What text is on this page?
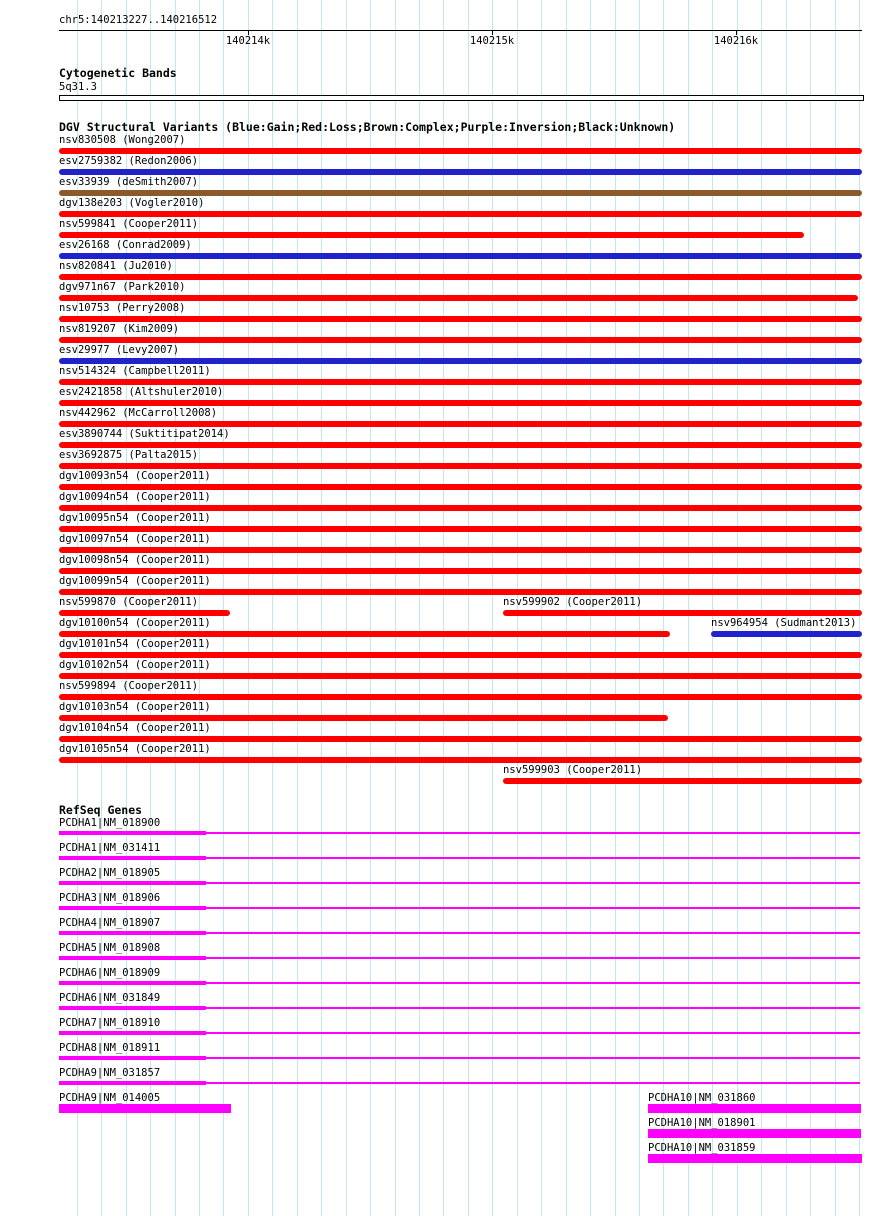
chr5:140213227..140216512
140214k	140215k	140216k
Cytogenetic Bands
5q31.3
DGV Structural Variants (Blue:Gain;Red:Loss;Brown:Complex;Purple:Inversion;Black:Unknown)
nsv830508 (Wong2007)
esv2759382 (Redon2006)
esv33939 (deSmith2007)
dgv138e203 (Vogler2010)
nsv599841 (Cooper2011)
esv26168 (Conrad2009)
nsv820841 (Ju2010)
dgv971n67 (Park2010)
nsv10753 (Perry2008)
nsv819207 (Kim2009)
esv29977 (Levy2007)
nsv514324 (Campbell2011)
esv2421858 (Altshuler2010)
nsv442962 (McCarroll2008)
esv3890744 (Suktitipat2014)
esv3692875 (Palta2015)
dgv10093n54 (Cooper2011)
dgv10094n54 (Cooper2011)
dgv10095n54 (Cooper2011)
dgv10097n54 (Cooper2011)
dgv10098n54 (Cooper2011)
dgv10099n54 (Cooper2011)
nsv599870 (Cooper2011)	nsv599902 (Cooper2011)
dgv10100n54 (Cooper2011)	nsv964954 (Sudmant2013)
dgv10101n54 (Cooper2011)
dgv10102n54 (Cooper2011)
nsv599894 (Cooper2011)
dgv10103n54 (Cooper2011)
dgv10104n54 (Cooper2011)
dgv10105n54 (Cooper2011)
nsv599903 (Cooper2011)
RefSeq Genes
PCDHA1|NM_018900
PCDHA1|NM_031411
PCDHA2|NM_018905
PCDHA3|NM_018906
PCDHA4|NM_018907
PCDHA5|NM_018908
PCDHA6|NM_018909
PCDHA6|NM_031849
PCDHA7|NM_018910
PCDHA8|NM_018911
PCDHA9|NM_031857
PCDHA9|NM_014005	PCDHA10|NM_031860
PCDHA10|NM_018901
PCDHA10|NM_031859
